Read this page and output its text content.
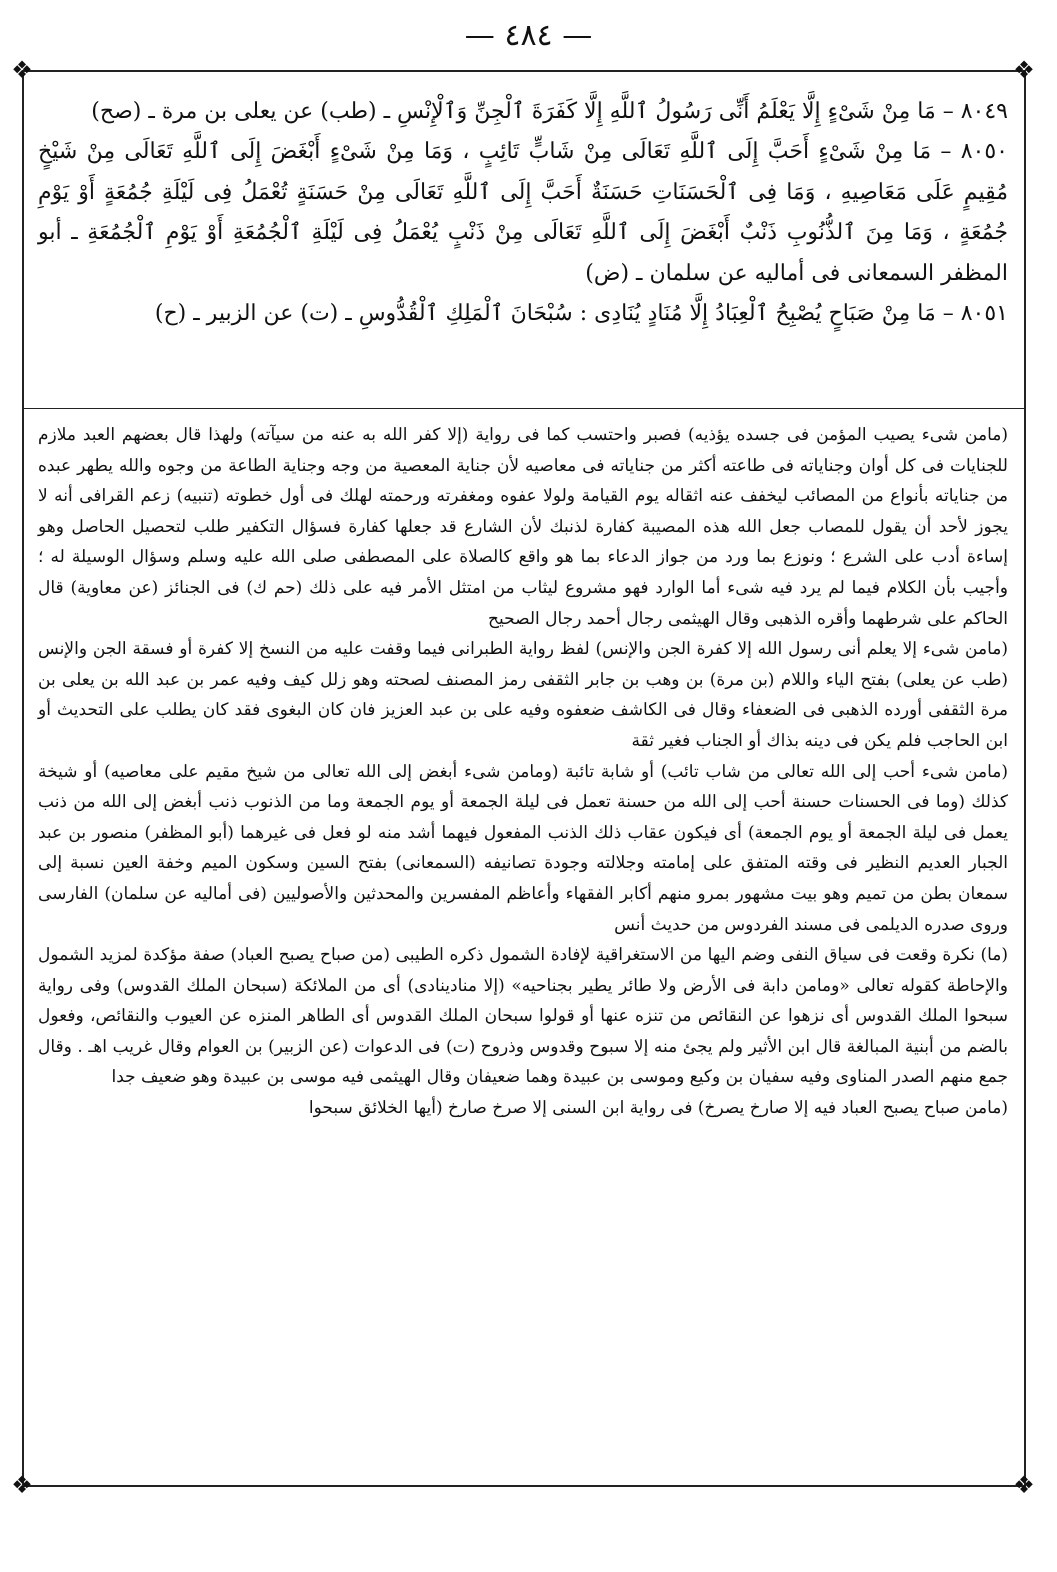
— ٤٨٤ —
❖	❖
❖	❖

٨٠٤٩ – مَا مِنْ شَىْءٍ إِلَّا يَعْلَمُ أَنِّى رَسُولُ ٱللَّهِ إِلَّا كَفَرَةَ ٱلْجِنِّ وَٱلْإِنْسِ ـ (طب) عن يعلى بن مرة ـ (صح)

٨٠٥٠ – مَا مِنْ شَىْءٍ أَحَبَّ إِلَى ٱللَّهِ تَعَالَى مِنْ شَابٍّ تَائِبٍ ، وَمَا مِنْ شَىْءٍ أَبْغَضَ إِلَى ٱللَّهِ تَعَالَى مِنْ شَيْخٍ مُقِيمٍ عَلَى مَعَاصِيهِ ، وَمَا فِى ٱلْحَسَنَاتِ حَسَنَةٌ أَحَبَّ إِلَى ٱللَّهِ تَعَالَى مِنْ حَسَنَةٍ تُعْمَلُ فِى لَيْلَةِ جُمُعَةٍ أَوْ يَوْمِ جُمُعَةٍ ، وَمَا مِنَ ٱلذُّنُوبِ ذَنْبٌ أَبْغَضَ إِلَى ٱللَّهِ تَعَالَى مِنْ ذَنْبٍ يُعْمَلُ فِى لَيْلَةِ ٱلْجُمُعَةِ أَوْ يَوْمِ ٱلْجُمُعَةِ ـ أبو المظفر السمعانى فى أماليه عن سلمان ـ (ض)

٨٠٥١ – مَا مِنْ صَبَاحٍ يُصْبِحُ ٱلْعِبَادُ إِلَّا مُنَادٍ يُنَادِى : سُبْحَانَ ٱلْمَلِكِ ٱلْقُدُّوسِ ـ (ت) عن الزبير ـ (ح)

(مامن شىء يصيب المؤمن فى جسده يؤذيه) فصبر واحتسب كما فى رواية (إلا كفر الله به عنه من سيآته) ولهذا قال بعضهم العبد ملازم للجنايات فى كل أوان وجناياته فى طاعته أكثر من جناياته فى معاصيه لأن جناية المعصية من وجه وجناية الطاعة من وجوه والله يطهر عبده من جناياته بأنواع من المصائب ليخفف عنه اثقاله يوم القيامة ولولا عفوه ومغفرته ورحمته لهلك فى أول خطوته (تنبيه) زعم القرافى أنه لا يجوز لأحد أن يقول للمصاب جعل الله هذه المصيبة كفارة لذنبك لأن الشارع قد جعلها كفارة فسؤال التكفير طلب لتحصيل الحاصل وهو إساءة أدب على الشرع ؛ ونوزع بما ورد من جواز الدعاء بما هو واقع كالصلاة على المصطفى صلى الله عليه وسلم وسؤال الوسيلة له ؛ وأجيب بأن الكلام فيما لم يرد فيه شىء أما الوارد فهو مشروع ليثاب من امتثل الأمر فيه على ذلك (حم ك) فى الجنائز (عن معاوية) قال الحاكم على شرطهما وأقره الذهبى وقال الهيثمى رجال أحمد رجال الصحيح

(مامن شىء إلا يعلم أنى رسول الله إلا كفرة الجن والإنس) لفظ رواية الطبرانى فيما وقفت عليه من النسخ إلا كفرة أو فسقة الجن والإنس (طب عن يعلى) بفتح الياء واللام (بن مرة) بن وهب بن جابر الثقفى رمز المصنف لصحته وهو زلل كيف وفيه عمر بن عبد الله بن يعلى بن مرة الثقفى أورده الذهبى فى الضعفاء وقال فى الكاشف ضعفوه وفيه على بن عبد العزيز فان كان البغوى فقد كان يطلب على التحديث أو ابن الحاجب فلم يكن فى دينه بذاك أو الجناب فغير ثقة

(مامن شىء أحب إلى الله تعالى من شاب تائب) أو شابة تائبة (ومامن شىء أبغض إلى الله تعالى من شيخ مقيم على معاصيه) أو شيخة كذلك (وما فى الحسنات حسنة أحب إلى الله من حسنة تعمل فى ليلة الجمعة أو يوم الجمعة وما من الذنوب ذنب أبغض إلى الله من ذنب يعمل فى ليلة الجمعة أو يوم الجمعة) أى فيكون عقاب ذلك الذنب المفعول فيهما أشد منه لو فعل فى غيرهما (أبو المظفر) منصور بن عبد الجبار العديم النظير فى وقته المتفق على إمامته وجلالته وجودة تصانيفه (السمعانى) بفتح السين وسكون الميم وخفة العين نسبة إلى سمعان بطن من تميم وهو بيت مشهور بمرو منهم أكابر الفقهاء وأعاظم المفسرين والمحدثين والأصوليين (فى أماليه عن سلمان) الفارسى وروى صدره الديلمى فى مسند الفردوس من حديث أنس

(ما) نكرة وقعت فى سياق النفى وضم اليها من الاستغراقية لإفادة الشمول ذكره الطيبى (من صباح يصبح العباد) صفة مؤكدة لمزيد الشمول والإحاطة كقوله تعالى «ومامن دابة فى الأرض ولا طائر يطير بجناحيه» (إلا منادينادى) أى من الملائكة (سبحان الملك القدوس) وفى رواية سبحوا الملك القدوس أى نزهوا عن النقائص من تنزه عنها أو قولوا سبحان الملك القدوس أى الطاهر المنزه عن العيوب والنقائص، وفعول بالضم من أبنية المبالغة قال ابن الأثير ولم يجئ منه إلا سبوح وقدوس وذروح (ت) فى الدعوات (عن الزبير) بن العوام وقال غريب اهـ . وقال جمع منهم الصدر المناوى وفيه سفيان بن وكيع وموسى بن عبيدة وهما ضعيفان وقال الهيثمى فيه موسى بن عبيدة وهو ضعيف جدا

(مامن صباح يصبح العباد فيه إلا صارخ يصرخ) فى رواية ابن السنى إلا صرخ صارخ (أيها الخلائق سبحوا
